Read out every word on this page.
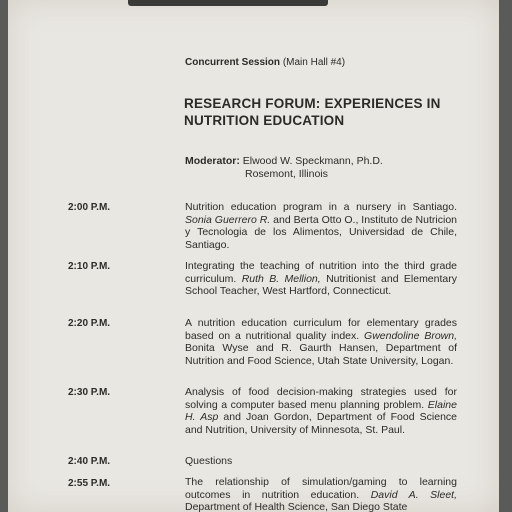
Concurrent Session (Main Hall #4)
RESEARCH FORUM: EXPERIENCES IN NUTRITION EDUCATION
Moderator: Elwood W. Speckmann, Ph.D.
Rosemont, Illinois
2:00 P.M.	Nutrition education program in a nursery in Santiago. Sonia Guerrero R. and Berta Otto O., Instituto de Nutricion y Tecnologia de los Alimentos, Universidad de Chile, Santiago.
2:10 P.M.	Integrating the teaching of nutrition into the third grade curriculum. Ruth B. Mellion, Nutritionist and Elementary School Teacher, West Hartford, Connecticut.
2:20 P.M.	A nutrition education curriculum for elementary grades based on a nutritional quality index. Gwendoline Brown, Bonita Wyse and R. Gaurth Hansen, Department of Nutrition and Food Science, Utah State University, Logan.
2:30 P.M.	Analysis of food decision-making strategies used for solving a computer based menu planning problem. Elaine H. Asp and Joan Gordon, Department of Food Science and Nutrition, University of Minnesota, St. Paul.
2:40 P.M.	Questions
2:55 P.M.	The relationship of simulation/gaming to learning outcomes in nutrition education. David A. Sleet, Department of Health Science, San Diego State
